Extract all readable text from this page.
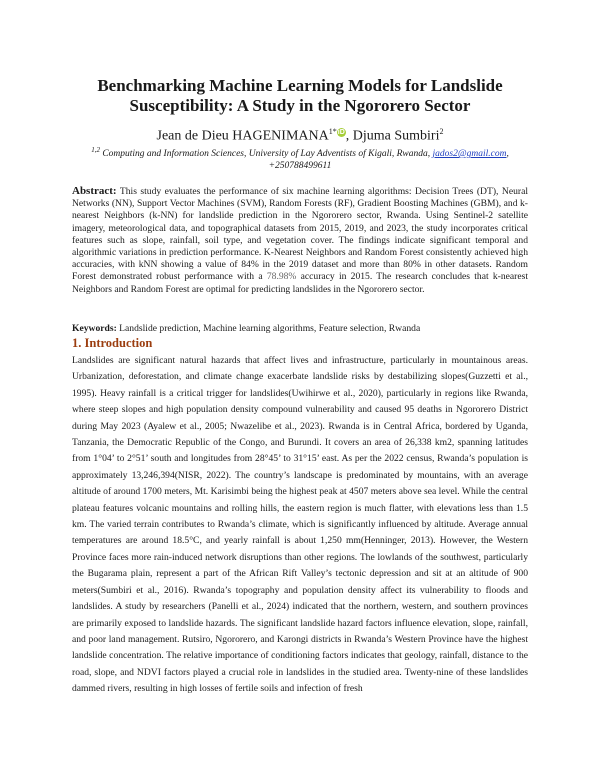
Benchmarking Machine Learning Models for Landslide Susceptibility: A Study in the Ngororero Sector
Jean de Dieu $HAGENIMANA^{1*}iD$, Djuma Sumbiri$^2$
$^{1,2}$ Computing and Information Sciences, University of Lay Adventists of Kigali, Rwanda, jados2@gmail.com, +250788499611

Abstract: This study evaluates the performance of six machine learning algorithms: Decision Trees (DT), Neural Networks (NN), Support Vector Machines (SVM), Random Forests (RF), Gradient Boosting Machines (GBM), and k-nearest Neighbors (k-NN) for landslide prediction in the Ngororero sector, Rwanda. Using Sentinel-2 satellite imagery, meteorological data, and topographical datasets from 2015, 2019, and 2023, the study incorporates critical features such as slope, rainfall, soil type, and vegetation cover. The findings indicate significant temporal and algorithmic variations in prediction performance. K-Nearest Neighbors and Random Forest consistently achieved high accuracies, with kNN showing a value of 84% in the 2019 dataset and more than 80% in other datasets. Random Forest demonstrated robust performance with a 78.98% accuracy in 2015. The research concludes that k-nearest Neighbors and Random Forest are optimal for predicting landslides in the Ngororero sector.

Keywords: Landslide prediction, Machine learning algorithms, Feature selection, Rwanda

1. Introduction

Landslides are significant natural hazards that affect lives and infrastructure, particularly in mountainous areas. Urbanization, deforestation, and climate change exacerbate landslide risks by destabilizing slopes(Guzzetti et al., 1995). Heavy rainfall is a critical trigger for landslides(Uwihirwe et al., 2020), particularly in regions like Rwanda, where steep slopes and high population density compound vulnerability and caused 95 deaths in Ngororero District during May 2023 (Ayalew et al., 2005; Nwazelibe et al., 2023). Rwanda is in Central Africa, bordered by Uganda, Tanzania, the Democratic Republic of the Congo, and Burundi. It covers an area of 26,338 km2, spanning latitudes from 1°04’ to 2°51’ south and longitudes from 28°45’ to 31°15’ east. As per the 2022 census, Rwanda’s population is approximately 13,246,394(NISR, 2022). The country’s landscape is predominated by mountains, with an average altitude of around 1700 meters, Mt. Karisimbi being the highest peak at 4507 meters above sea level. While the central plateau features volcanic mountains and rolling hills, the eastern region is much flatter, with elevations less than 1.5 km. The varied terrain contributes to Rwanda’s climate, which is significantly influenced by altitude. Average annual temperatures are around 18.5°C, and yearly rainfall is about 1,250 mm(Henninger, 2013). However, the Western Province faces more rain-induced network disruptions than other regions. The lowlands of the southwest, particularly the Bugarama plain, represent a part of the African Rift Valley’s tectonic depression and sit at an altitude of 900 meters(Sumbiri et al., 2016). Rwanda’s topography and population density affect its vulnerability to floods and landslides. A study by researchers (Panelli et al., 2024) indicated that the northern, western, and southern provinces are primarily exposed to landslide hazards. The significant landslide hazard factors influence elevation, slope, rainfall, and poor land management. Rutsiro, Ngororero, and Karongi districts in Rwanda’s Western Province have the highest landslide concentration. The relative importance of conditioning factors indicates that geology, rainfall, distance to the road, slope, and NDVI factors played a crucial role in landslides in the studied area. Twenty-nine of these landslides dammed rivers, resulting in high losses of fertile soils and infection of fresh
